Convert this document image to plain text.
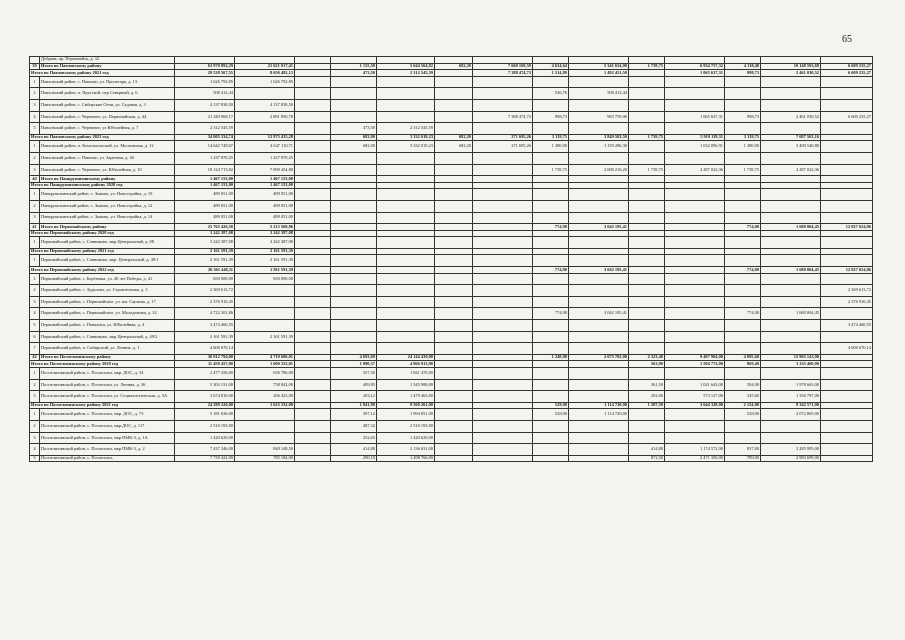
65
	Дубрава, пр. Первомайск, д. 32														
39	Итого по Павловскому району	63 970 892,29	21 621 917,41		1 155,50	5 644 564,82	682,20	7 660 169,59	4 634,64	5 341 654,00	1 739,75	6 934 757,32	4 118,48	10 148 593,68	6 609 235,27
Итого по Павловскому району 2021 год		29 538 567,55	8 656 482,13		473,50	2 312 545,59		7 388 474,73	1 514,89	1 492 451,50		1 065 637,31	998,73	2 461 030,52	6 609 235,27
1	Павловский район, с. Павлово, ул. Пролетарк, д. 13	1 626 792,85	1 626 792,85												
2	Павловский район, п. Прутской, пер Северный, д. 6	508 412,44							536,76	508 412,44					
3	Павловский район, с. Сибирские Огни, ул. Садовая, д. 3	4 137 838,50	4 137 838,50												
4	Павловский район, с. Черемное, ул. Первомайская, д. 44	21 349 968,17	2 891 850,78					7 388 474,73	998,73	983 759,06		1 065 637,31	998,73	2 461 030,52	6 609 235,27
5	Павловский район, с. Черемное, ул Юбилейная, д. 7	2 312 545,59			473,50	2 312 545,59									
Итого по Павловскому району 2022 год		34 005 334,74	12 975 435,28		682,00	3 332 019,23	682,20	271 695,26	3 119,75	3 849 502,50	1 739,75	5 919 119,31	3 119,75	7 687 563,16	
1	Павловский район, п. Комсомольский, ул. Московская, д. 12	14 642 748,67	4 647 110,71		682,00	3 332 019,23	682,20	271 695,26	1 380,00	1 159 286,30		1 632 096,91	1 380,00	3 400 540,80	
2	Павловский район, с. Павлово, ул. Заречная, д. 40	1 237 870,25	1 237 870,25												
3	Павловский район, с. Черемное, ул. Юбилейная, д. 10	18 124 715,82	7 090 454,80						1 739,75	2 690 216,20	1 739,75	4 287 022,36	1 739,75	4 287 022,36	
40	Итого по Панкрушихинскому району	1 467 153,00	1 467 153,00												
Итого по Панкрушихинскому району 2020 год		1 467 153,00	1 467 153,00												
1	Панкрушихинский район, с. Зыково, ул. Новостройка, д. 10	489 051,00	489 051,00												
2	Панкрушихинский район, с. Зыково, ул. Новостройка, д. 12	489 051,00	489 051,00												
3	Панкрушихинский район, с. Зыково, ул. Новостройка, д. 14	489 051,00	489 051,00												
41	Итого по Первомайскому району	25 765 426,58	5 215 569,86						774,90	3 042 195,41			774,00	1 680 004,45	12 827 654,86
Итого по Первомайскому району 2020 год		3 242 387,08	3 242 387,08												
1	Первомайский район, с. Санниково, мкр.Центральный, д. 08	3 242 387,08	3 242 387,08												
Итого по Первомайскому району 2021 год		2 161 591,39	2 161 591,39												
1	Первомайский район, с. Санниково, мкр. Центральный, д. 49/1	2 161 591,39	2 161 591,39												
Итого по Первомайскому району 2022 год		20 361 448,11	2 811 591,39						774,90	3 042 195,41			774,00	1 680 004,45	12 827 654,86
1	Первомайский район, с. Берёзовка, ул. 40 лет Победы, д. 41	650 000,00	650 000,00												
2	Первомайский район, с. Зудилово, ул. Строительная, д. 3	2 369 613,72													2 369 613,72
3	Первомайский район, с. Первомайское, ул. им. Саулина, д. 17	2 376 910,45													2 376 910,45
4	Первомайский район, с. Первомайское, ул. Молодежная, д. 32	4 722 201,86							774,90	3 042 195,41			774,00	1 680 004,45	
5	Первомайский район, с. Повалиха, ул. Юбилейная, д. 4	3 474 460,55													3 474 460,55
6	Первомайский район, с. Санниково, мкр.Центральный, д. 49/2	2 161 591,39	2 161 591,39												
7	Первомайский район, п. Сибирский, ул. Ленина, д. 1	4 606 670,14													4 606 670,14
42	Итого по Поспелихинскому району	36 912 794,00	4 719 606,01		4 693,69	24 144 439,00			1 248,00	2 675 702,00	2 323,40	9 407 904,00	4 095,60	15 965 143,00	
Итого по Поспелихинскому району 2020 год		11 459 457,00	1 600 352,01		1 090,57	4 866 913,00					563,90	1 594 772,00	869,40	3 335 460,00	
1	Поспелихинский район, с. Поспелиха, мкр. ДОС, д. 54	2 477 256,00	636 786,00		357,50	1 841 470,00									
2	Поспелихинский район, с. Поспелиха, ул. Ленина, д. 36	5 303 131,00	758 842,00		409,95	1 545 988,00					361,50	1 021 643,00	504,00	1 978 663,00	
3	Поспелихинский район, с. Поспелиха, ул. Социалистическая, д. 3А	3 674 810,00	206 423,00		203,12	1 479 463,00					202,60	573 127,00	345,60	1 356 797,00	
Итого по Поспелихинскому району 2021 год		24 289 226,00	1 625 332,00		1 841,99	9 560 261,00			528,00	1 114 720,00	1 287,50	3 644 328,00	2 154,00	8 342 571,00	
1	Поспелихинский район, с. Поспелиха, мкр. ДОС, д. 73	5 181 636,00			397,12	1 994 051,00			528,00	1 114 720,00			528,00	2 072 865,00	
2	Поспелихинский район, с. Поспелиха, мкр.ДОС, д. 117	2 510 193,00			487,32	2 510 193,00									
3	Поспелихинский район, с. Поспелиха, мкр ПМК-3, д. 1А	1 420 629,00			252,65	1 420 629,00									
4	Поспелихинский район, с. Поспелиха, мкр ПМК-3, д. 2	7 437 346,00	840 148,50		414,80	2 136 631,00					414,80	1 174 572,00	837,00	3 285 995,00	
5	Поспелихинский район, с. Поспелиха,	7 739 422,00	785 184,00		290,10	1 498 766,00					872,50	2 471 356,00	789,00	2 983 699,00	
